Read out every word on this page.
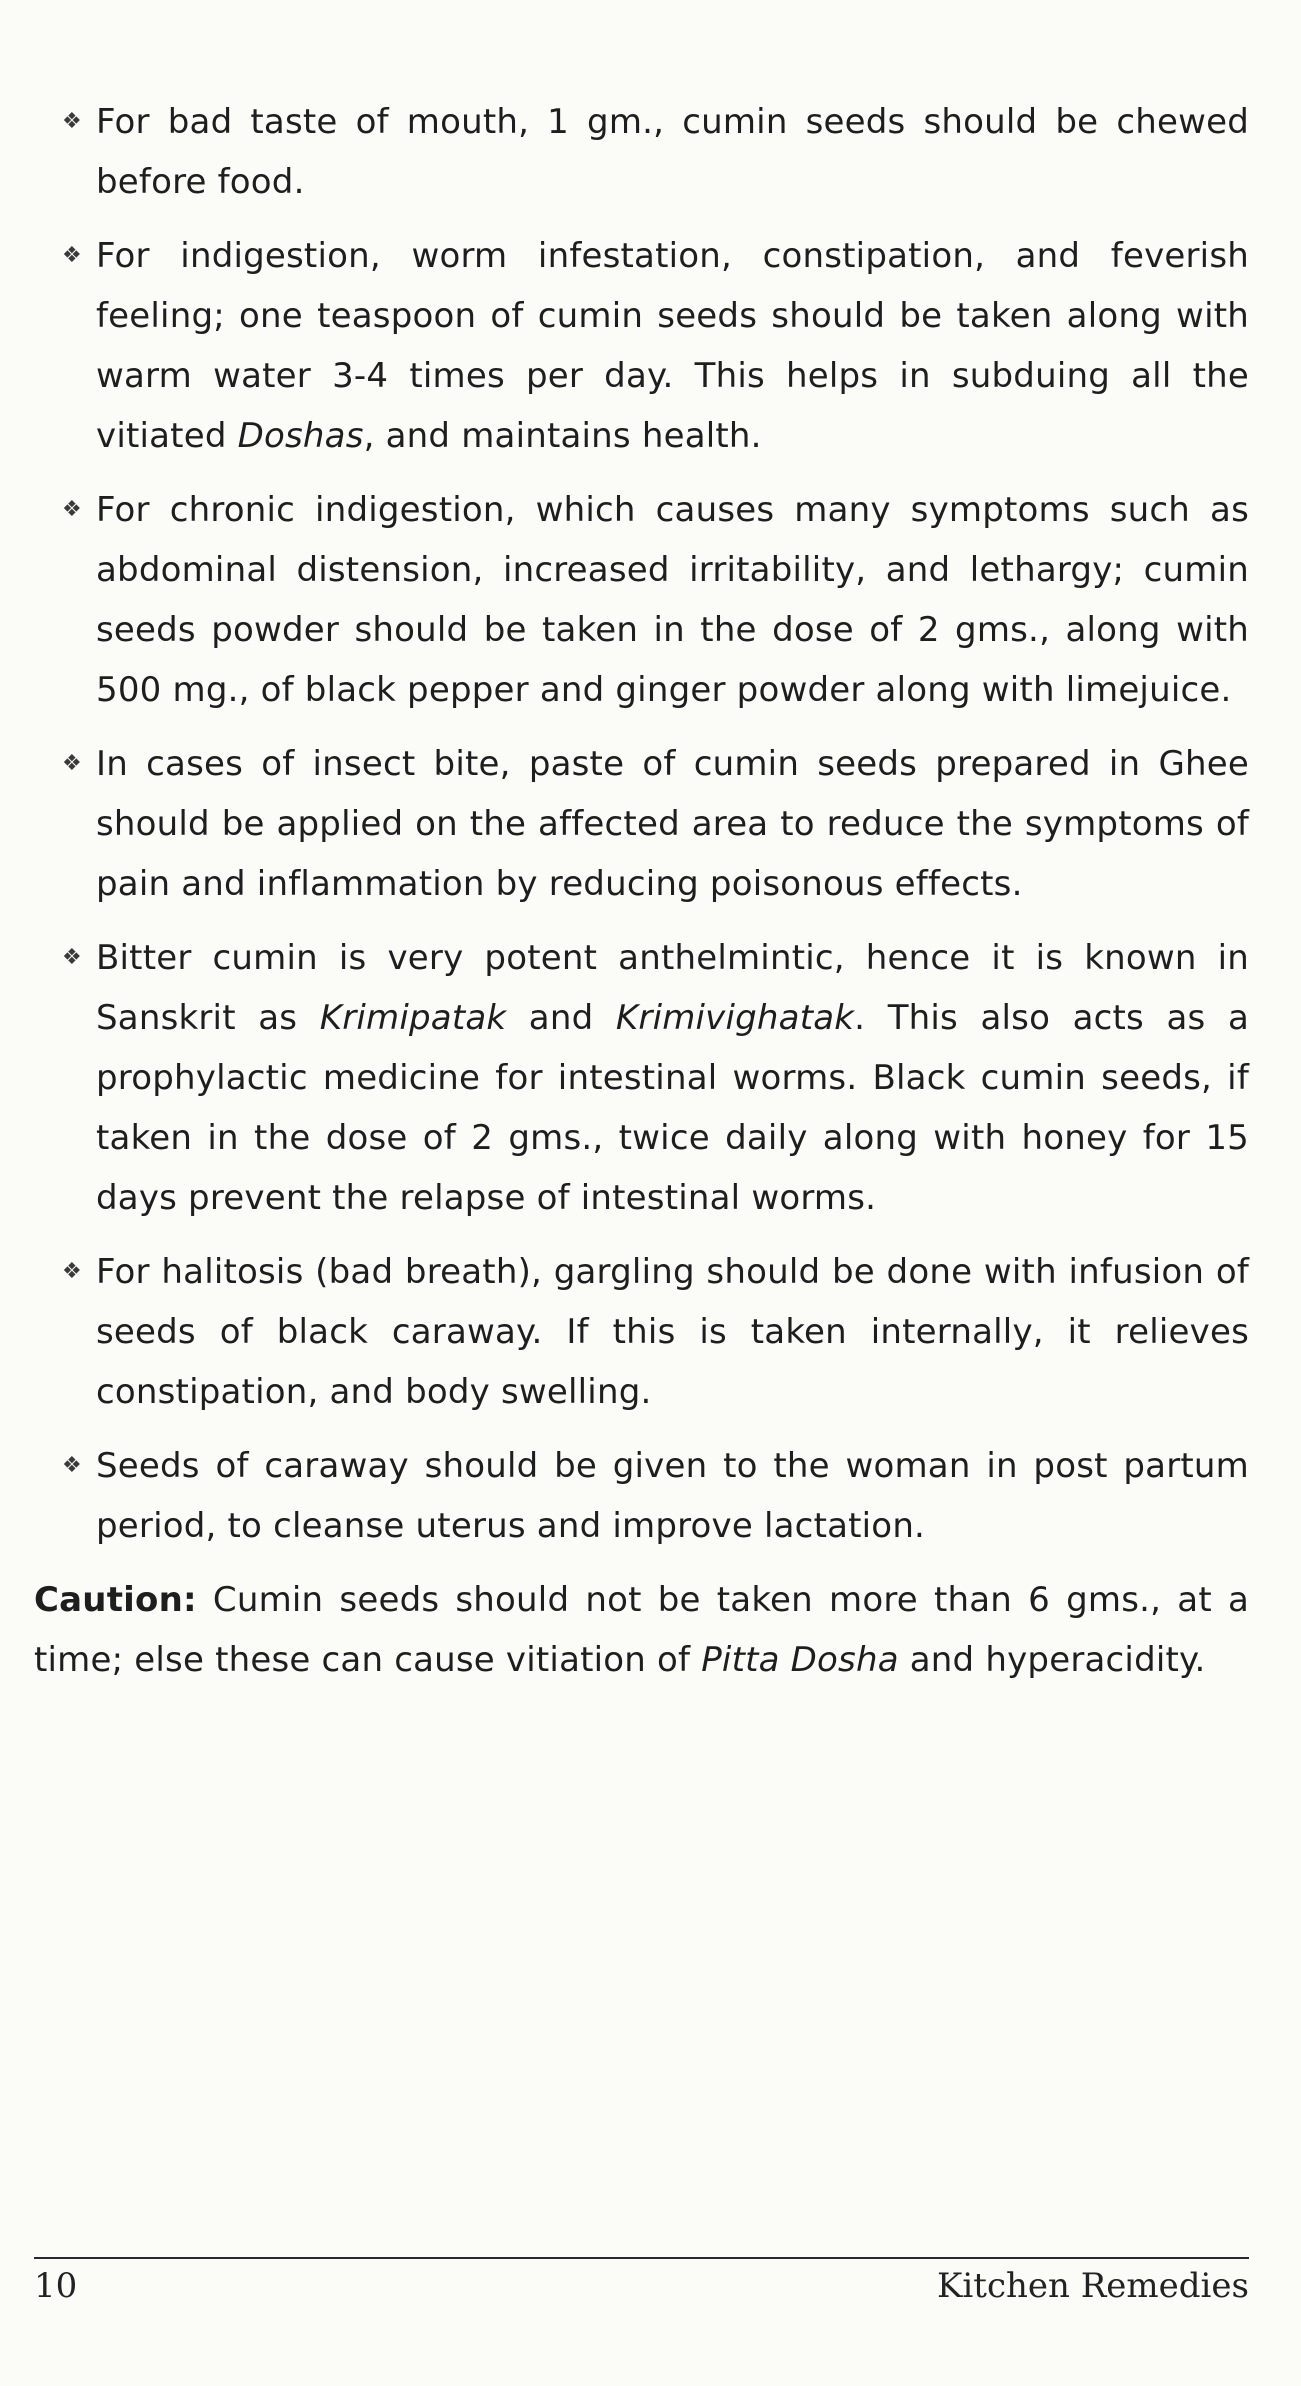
❖ For bad taste of mouth, 1 gm., cumin seeds should be chewed before food.
❖ For indigestion, worm infestation, constipation, and feverish feeling; one teaspoon of cumin seeds should be taken along with warm water 3-4 times per day. This helps in subduing all the vitiated Doshas, and maintains health.
❖ For chronic indigestion, which causes many symptoms such as abdominal distension, increased irritability, and lethargy; cumin seeds powder should be taken in the dose of 2 gms., along with 500 mg., of black pepper and ginger powder along with limejuice.
❖ In cases of insect bite, paste of cumin seeds prepared in Ghee should be applied on the affected area to reduce the symptoms of pain and inflammation by reducing poisonous effects.
❖ Bitter cumin is very potent anthelmintic, hence it is known in Sanskrit as Krimipatak and Krimivighatak. This also acts as a prophylactic medicine for intestinal worms. Black cumin seeds, if taken in the dose of 2 gms., twice daily along with honey for 15 days prevent the relapse of intestinal worms.
❖ For halitosis (bad breath), gargling should be done with infusion of seeds of black caraway. If this is taken internally, it relieves constipation, and body swelling.
❖ Seeds of caraway should be given to the woman in post partum period, to cleanse uterus and improve lactation.

Caution: Cumin seeds should not be taken more than 6 gms., at a time; else these can cause vitiation of Pitta Dosha and hyperacidity.

10	Kitchen Remedies
